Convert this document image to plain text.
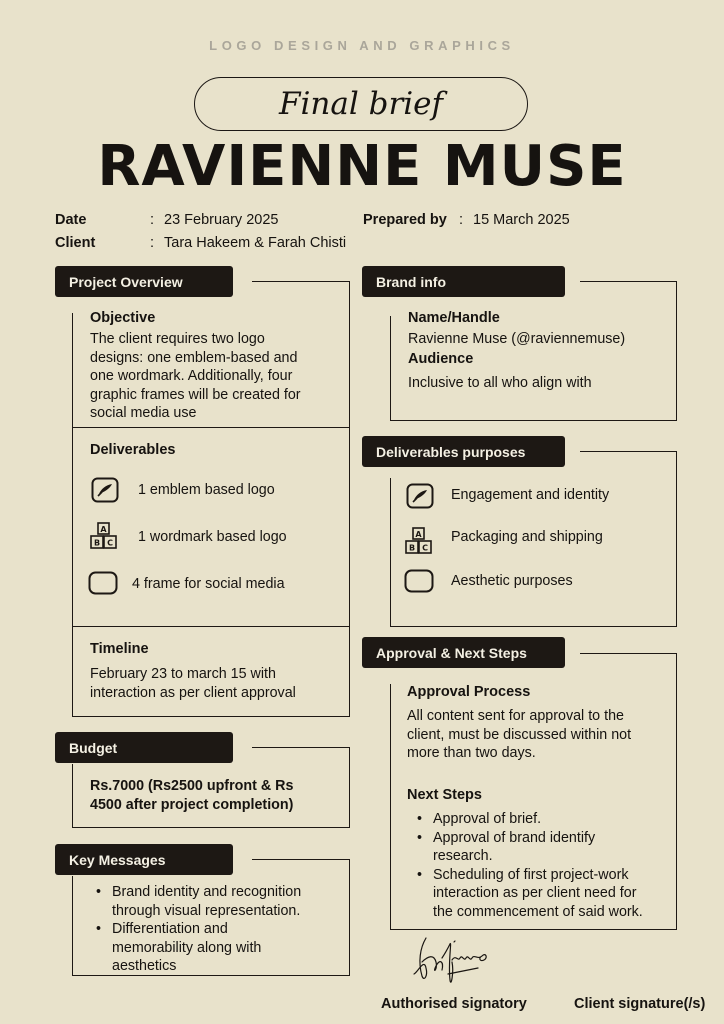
LOGO DESIGN AND GRAPHICS
Final brief
RAVIENNE MUSE
Date	: 23 February 2025
Client	: Tara Hakeem & Farah Chisti
Prepared by : 15 March 2025
Project Overview
Objective
The client requires two logo
designs: one emblem-based and
one wordmark. Additionally, four
graphic frames will be created for
social media use
Deliverables
1 emblem based logo
A
B C 1 wordmark based logo
4 frame for social media
Timeline
February 23 to march 15 with
interaction as per client approval
Budget
Rs.7000 (Rs2500 upfront & Rs
4500 after project completion)
Key Messages
• Brand identity and recognition
through visual representation.
• Differentiation and
memorability along with
aesthetics
Brand info
Name/Handle
Ravienne Muse (@raviennemuse)
Audience
Inclusive to all who align with
Deliverables purposes
Engagement and identity
A
B C
Packaging and shipping
Aesthetic purposes
Approval & Next Steps
Approval Process
All content sent for approval to the
client, must be discussed within not
more than two days.
Next Steps
• Approval of brief.
• Approval of brand identify
research.
• Scheduling of first project-work
interaction as per client need for
the commencement of said work.
Authorised signatory	Client signature(/s)
